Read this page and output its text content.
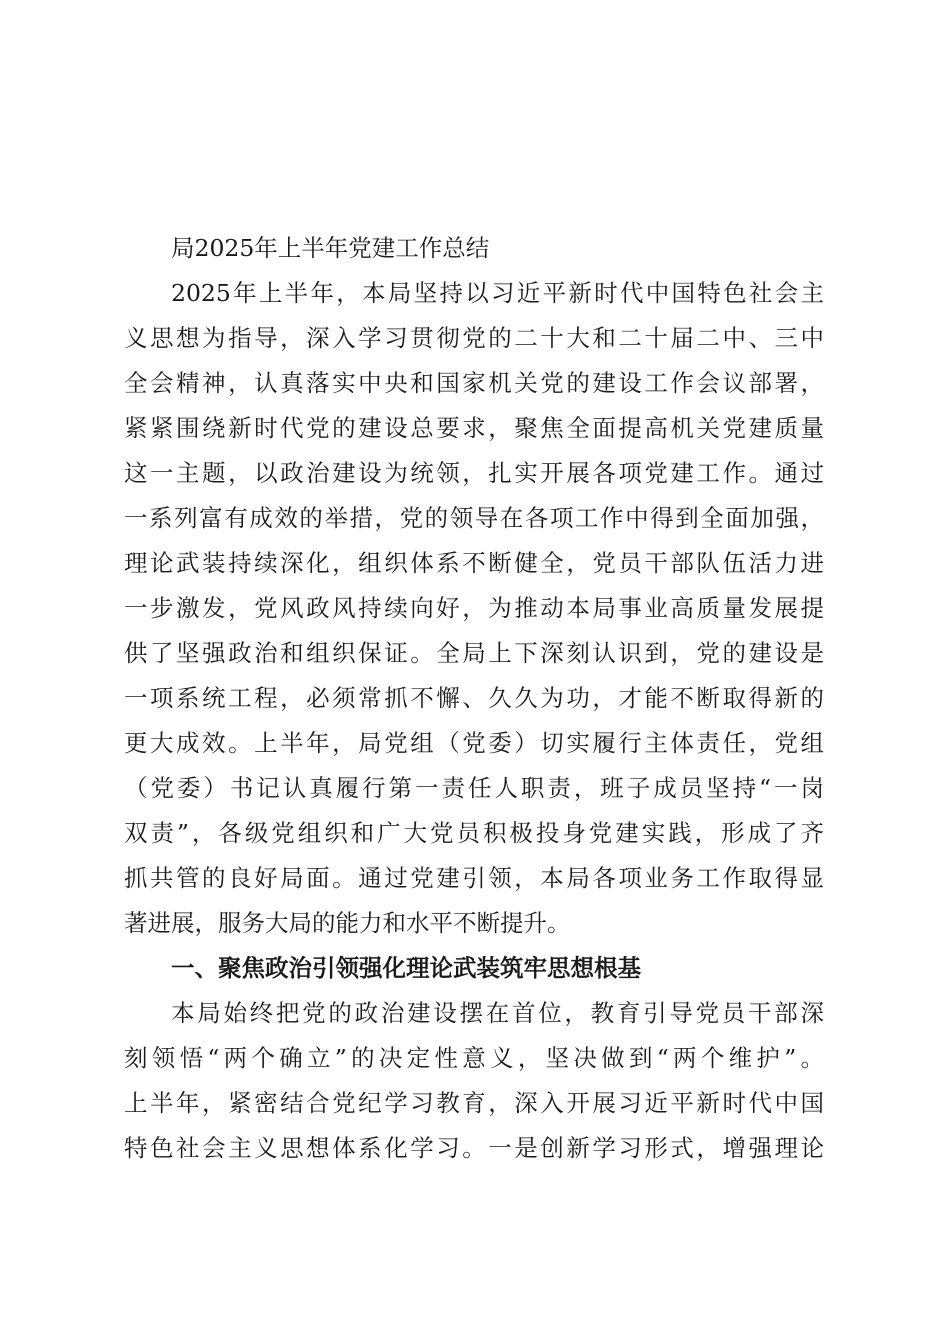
局2025年上半年党建工作总结
2025年上半年，本局坚持以习近平新时代中国特色社会主
义思想为指导，深入学习贯彻党的二十大和二十届二中、三中
全会精神，认真落实中央和国家机关党的建设工作会议部署，
紧紧围绕新时代党的建设总要求，聚焦全面提高机关党建质量
这一主题，以政治建设为统领，扎实开展各项党建工作。通过
一系列富有成效的举措，党的领导在各项工作中得到全面加强，
理论武装持续深化，组织体系不断健全，党员干部队伍活力进
一步激发，党风政风持续向好，为推动本局事业高质量发展提
供了坚强政治和组织保证。全局上下深刻认识到，党的建设是
一项系统工程，必须常抓不懈、久久为功，才能不断取得新的
更大成效。上半年，局党组（党委）切实履行主体责任，党组
（党委）书记认真履行第一责任人职责，班子成员坚持“一岗
双责”，各级党组织和广大党员积极投身党建实践，形成了齐
抓共管的良好局面。通过党建引领，本局各项业务工作取得显
著进展，服务大局的能力和水平不断提升。
一、聚焦政治引领强化理论武装筑牢思想根基
本局始终把党的政治建设摆在首位，教育引导党员干部深
刻领悟“两个确立”的决定性意义，坚决做到“两个维护”。
上半年，紧密结合党纪学习教育，深入开展习近平新时代中国
特色社会主义思想体系化学习。一是创新学习形式，增强理论
